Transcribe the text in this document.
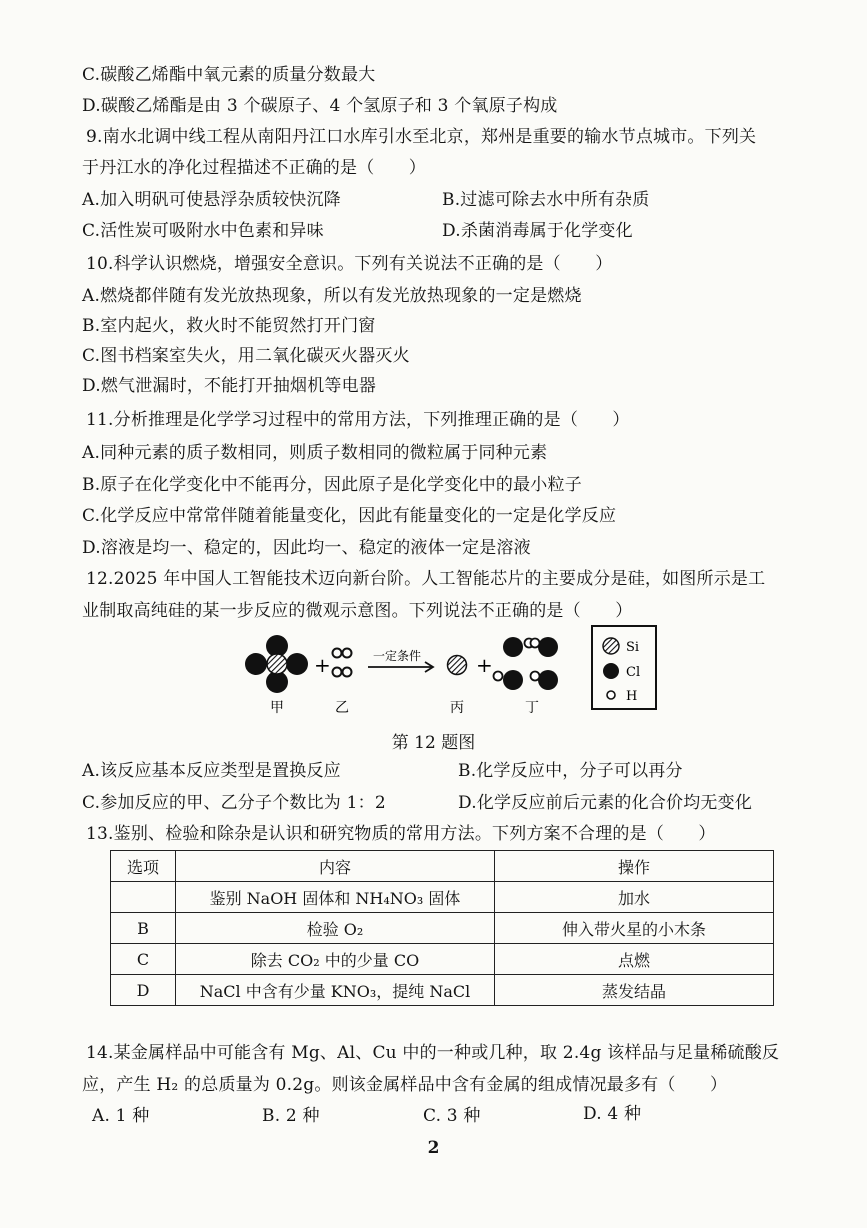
C.碳酸乙烯酯中氧元素的质量分数最大
D.碳酸乙烯酯是由 3 个碳原子、4 个氢原子和 3 个氧原子构成
9.南水北调中线工程从南阳丹江口水库引水至北京，郑州是重要的输水节点城市。下列关
于丹江水的净化过程描述不正确的是（　　）
A.加入明矾可使悬浮杂质较快沉降	B.过滤可除去水中所有杂质
C.活性炭可吸附水中色素和异味	D.杀菌消毒属于化学变化
10.科学认识燃烧，增强安全意识。下列有关说法不正确的是（　　）
A.燃烧都伴随有发光放热现象，所以有发光放热现象的一定是燃烧
B.室内起火，救火时不能贸然打开门窗
C.图书档案室失火，用二氧化碳灭火器灭火
D.燃气泄漏时，不能打开抽烟机等电器
11.分析推理是化学学习过程中的常用方法，下列推理正确的是（　　）
A.同种元素的质子数相同，则质子数相同的微粒属于同种元素
B.原子在化学变化中不能再分，因此原子是化学变化中的最小粒子
C.化学反应中常常伴随着能量变化，因此有能量变化的一定是化学反应
D.溶液是均一、稳定的，因此均一、稳定的液体一定是溶液
12.2025 年中国人工智能技术迈向新台阶。人工智能芯片的主要成分是硅，如图所示是工
业制取高纯硅的某一步反应的微观示意图。下列说法不正确的是（　　）
+	一定条件	+
甲	乙	丙	丁
Si
Cl
H
第 12 题图
A.该反应基本反应类型是置换反应	B.化学反应中，分子可以再分
C.参加反应的甲、乙分子个数比为 1：2	D.化学反应前后元素的化合价均无变化
13.鉴别、检验和除杂是认识和研究物质的常用方法。下列方案不合理的是（　　）
选项	内容	操作
	鉴别 NaOH 固体和 NH₄NO₃ 固体	加水
B	检验 O₂	伸入带火星的小木条
C	除去 CO₂ 中的少量 CO	点燃
D	NaCl 中含有少量 KNO₃，提纯 NaCl	蒸发结晶
14.某金属样品中可能含有 Mg、Al、Cu 中的一种或几种，取 2.4g 该样品与足量稀硫酸反
应，产生 H₂ 的总质量为 0.2g。则该金属样品中含有金属的组成情况最多有（　　）
A. 1 种	B. 2 种	C. 3 种	D. 4 种
2
